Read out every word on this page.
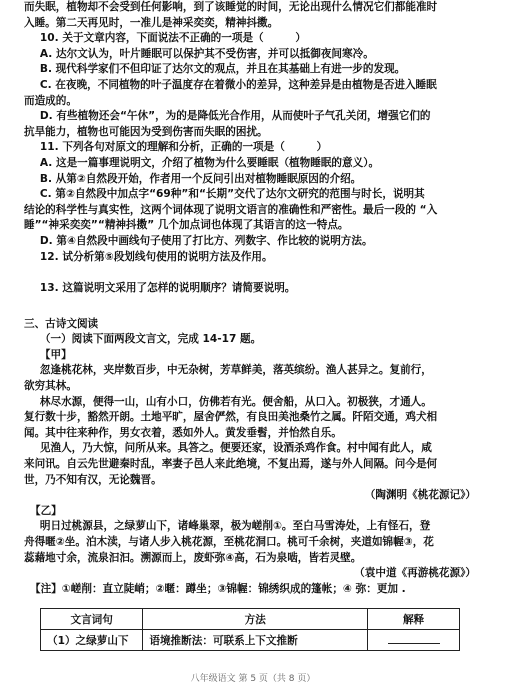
而失眠，植物却不会受到任何影响，到了该睡觉的时间，无论出现什么情况它们都能准时

入睡。第二天再见时，一准儿是神采奕奕，精神抖擞。

10. 关于文章内容，下面说法不正确的一项是（　　　）

A. 达尔文认为，叶片睡眠可以保护其不受伤害，并可以抵御夜间寒冷。

B. 现代科学家们不但印证了达尔文的观点，并且在其基础上有进一步的发现。

C. 在夜晚，不同植物的叶子温度存在着微小的差异，这种差异是由植物是否进入睡眠

而造成的。

D. 有些植物还会“午休”，为的是降低光合作用，从而使叶子气孔关闭，增强它们的

抗旱能力，植物也可能因为受到伤害而失眠的困扰。

11. 下列各句对原文的理解和分析，正确的一项是（　　　）

A. 这是一篇事理说明文，介绍了植物为什么要睡眠（植物睡眠的意义）。

B. 从第②自然段开始，作者用一个反问引出对植物睡眠原因的介绍。

C. 第②自然段中加点字“69种”和“长期”交代了达尔文研究的范围与时长，说明其

结论的科学性与真实性，这两个词体现了说明文语言的准确性和严密性。最后一段的 “入

睡”“神采奕奕”“精神抖擞” 几个加点词也体现了其语言的这一特点。

D. 第④自然段中画线句子使用了打比方、列数字、作比较的说明方法。

12. 试分析第⑤段划线句使用的说明方法及作用。

13. 这篇说明文采用了怎样的说明顺序？请简要说明。

三、古诗文阅读

（一）阅读下面两段文言文，完成 14-17 题。

【甲】

忽逢桃花林，夹岸数百步，中无杂树，芳草鲜美，落英缤纷。渔人甚异之。复前行，

欲穷其林。

林尽水源，便得一山，山有小口，仿佛若有光。便舍船，从口入。初极狭，才通人。

复行数十步，豁然开朗。土地平旷，屋舍俨然，有良田美池桑竹之属。阡陌交通，鸡犬相

闻。其中往来种作，男女衣着，悉如外人。黄发垂髫，并怡然自乐。

见渔人，乃大惊，问所从来。具答之。便要还家，设酒杀鸡作食。村中闻有此人，咸

来问讯。自云先世避秦时乱，率妻子邑人来此绝境，不复出焉，遂与外人间隔。问今是何

世，乃不知有汉，无论魏晋。

（陶渊明《桃花源记》）

【乙】

明日过桃源县，之绿萝山下，诸峰巢翠，极为嵯削①。至白马雪涛处，上有怪石，登

舟得暱②坐。泊木渎，与诸人步入桃花源，至桃花洞口。桃可千余树，夹道如锦幄③，花

蕊藉地寸余，流泉汩汩。溯源而上，废虾弥④高，石为泉啮，皆若灵壁。

（袁中道《再游桃花源》）

【注】①嵯削：直立陡峭；②暱：蹲坐；③锦幄：锦绣织成的篷帐；④ 弥：更加 .

文言词句	方法	解释
（1）之绿萝山下	语境推断法：可联系上下文推断	
八年级语文 第 5 页（共 8 页）
